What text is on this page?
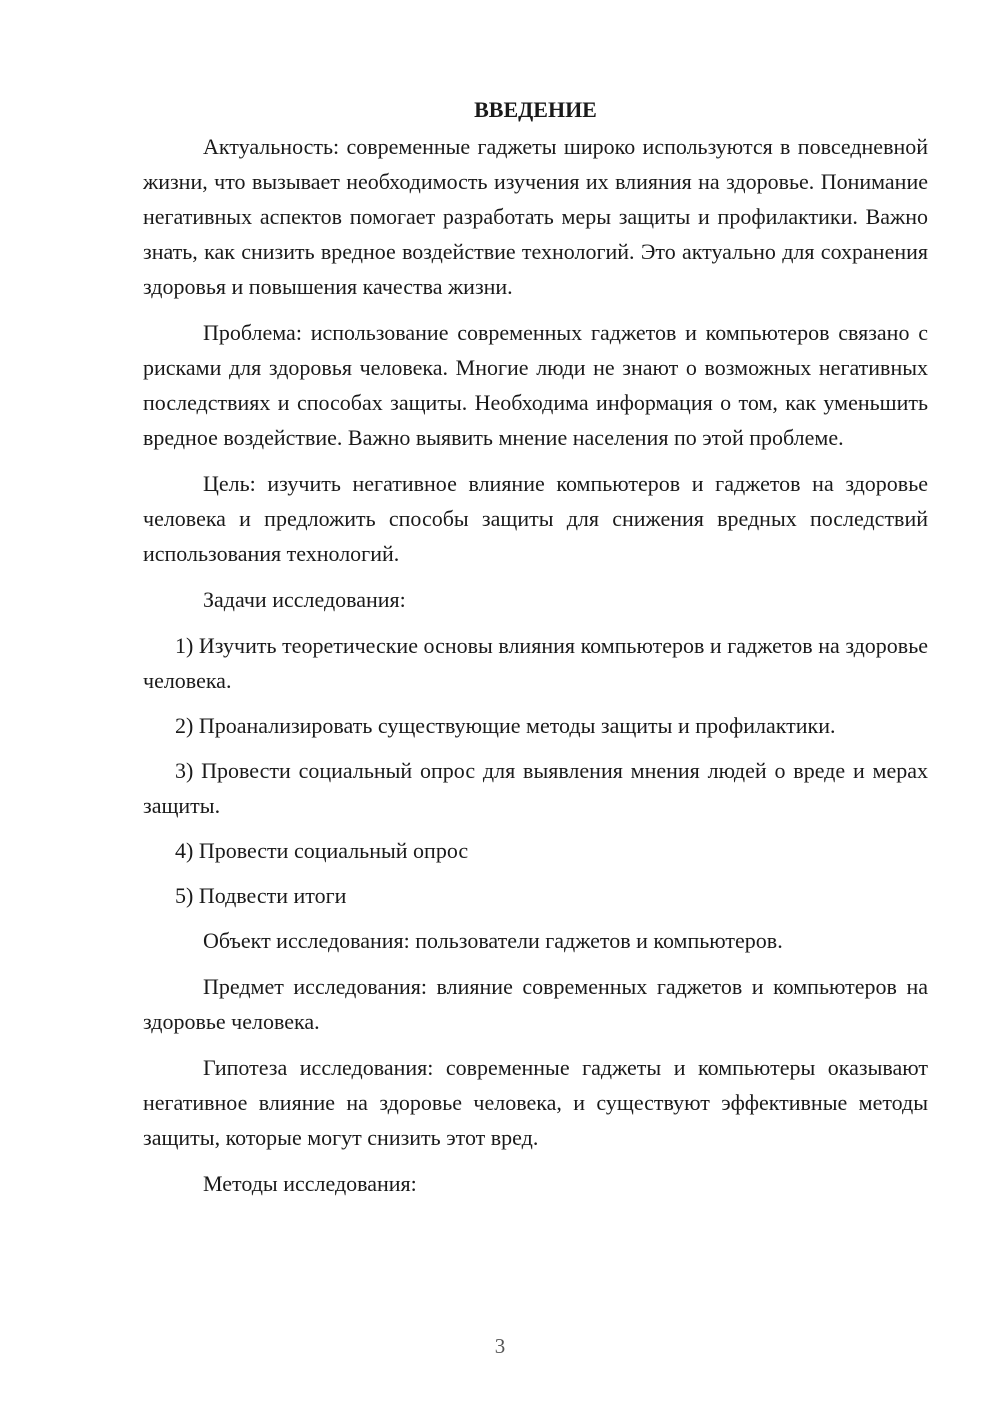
ВВЕДЕНИЕ

Актуальность: современные гаджеты широко используются в повседневной жизни, что вызывает необходимость изучения их влияния на здоровье. Понимание негативных аспектов помогает разработать меры защиты и профилактики. Важно знать, как снизить вредное воздействие технологий. Это актуально для сохранения здоровья и повышения качества жизни.

Проблема: использование современных гаджетов и компьютеров связано с рисками для здоровья человека. Многие люди не знают о возможных негативных последствиях и способах защиты. Необходима информация о том, как уменьшить вредное воздействие. Важно выявить мнение населения по этой проблеме.

Цель: изучить негативное влияние компьютеров и гаджетов на здоровье человека и предложить способы защиты для снижения вредных последствий использования технологий.

Задачи исследования:

1) Изучить теоретические основы влияния компьютеров и гаджетов на здоровье человека.

2) Проанализировать существующие методы защиты и профилактики.

3) Провести социальный опрос для выявления мнения людей о вреде и мерах защиты.

4) Провести социальный опрос

5) Подвести итоги

Объект исследования: пользователи гаджетов и компьютеров.

Предмет исследования: влияние современных гаджетов и компьютеров на здоровье человека.

Гипотеза исследования: современные гаджеты и компьютеры оказывают негативное влияние на здоровье человека, и существуют эффективные методы защиты, которые могут снизить этот вред.

Методы исследования:

3
